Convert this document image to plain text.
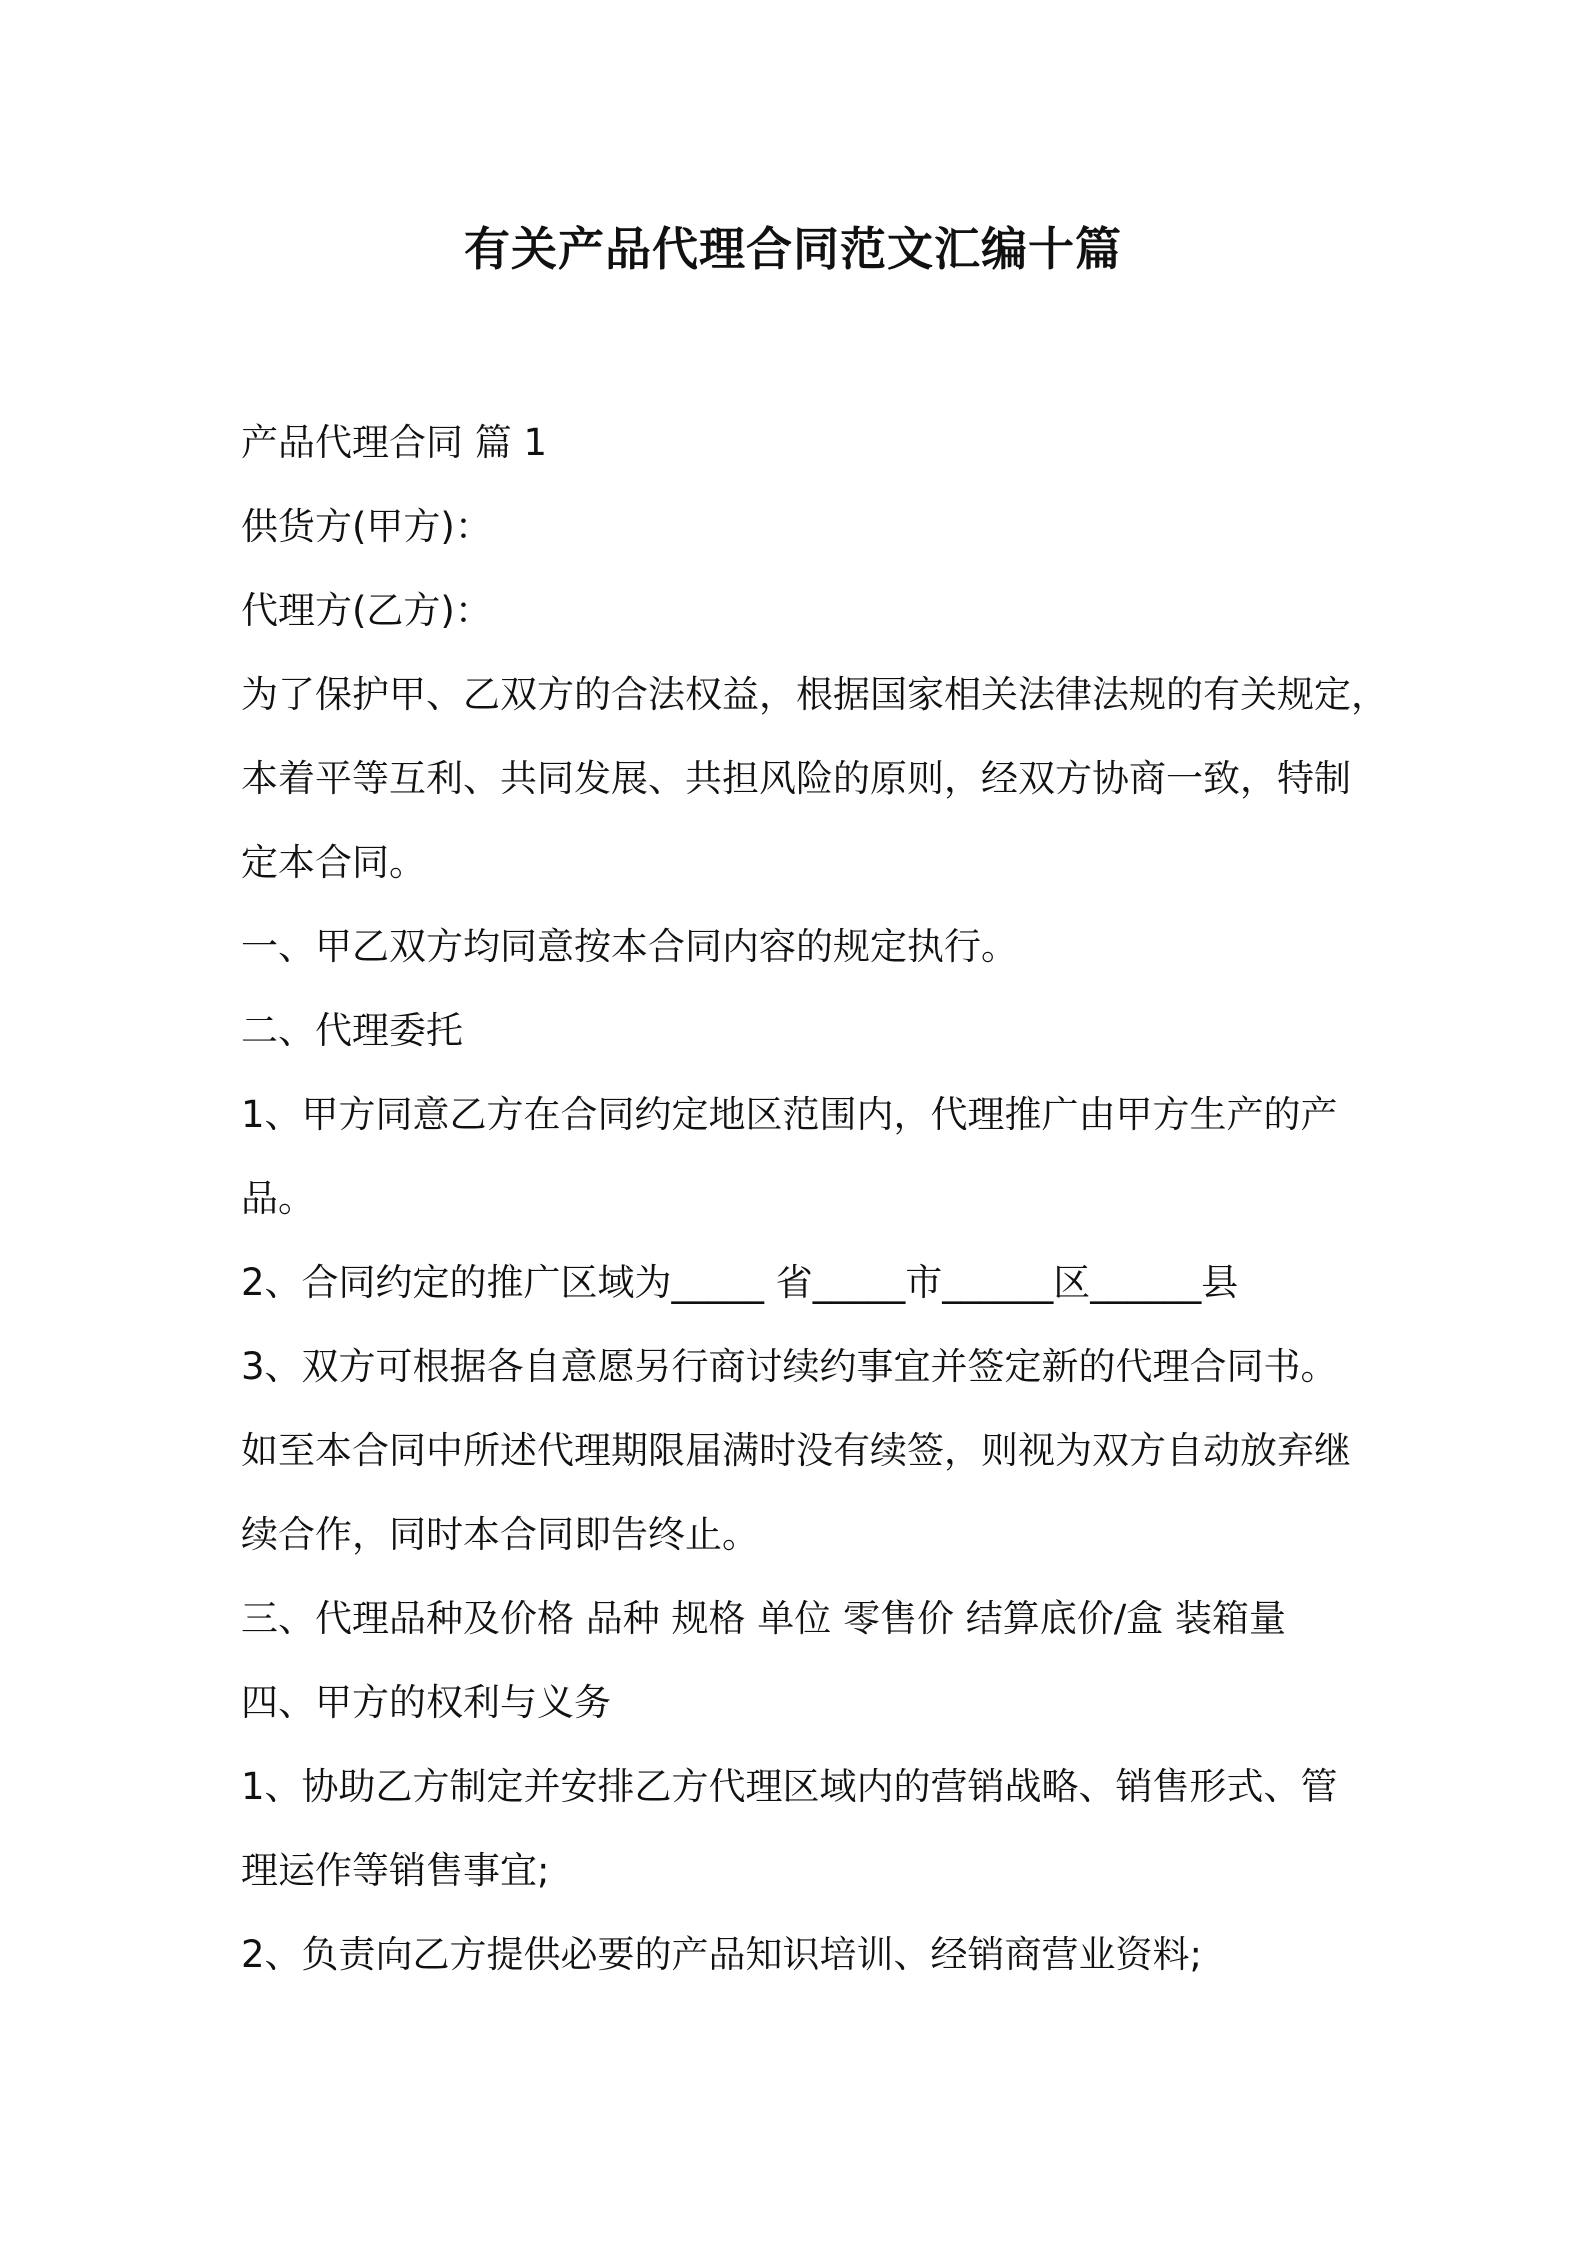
有关产品代理合同范文汇编十篇
产品代理合同 篇 1
供货方(甲方)：
代理方(乙方)：
为了保护甲、乙双方的合法权益，根据国家相关法律法规的有关规定，
本着平等互利、共同发展、共担风险的原则，经双方协商一致，特制
定本合同。
一、甲乙双方均同意按本合同内容的规定执行。
二、代理委托
1、甲方同意乙方在合同约定地区范围内，代理推广由甲方生产的产
品。
2、合同约定的推广区域为_____ 省_____市______区______县
3、双方可根据各自意愿另行商讨续约事宜并签定新的代理合同书。
如至本合同中所述代理期限届满时没有续签，则视为双方自动放弃继
续合作，同时本合同即告终止。
三、代理品种及价格 品种 规格 单位 零售价 结算底价/盒 装箱量
四、甲方的权利与义务
1、协助乙方制定并安排乙方代理区域内的营销战略、销售形式、管
理运作等销售事宜;
2、负责向乙方提供必要的产品知识培训、经销商营业资料;
